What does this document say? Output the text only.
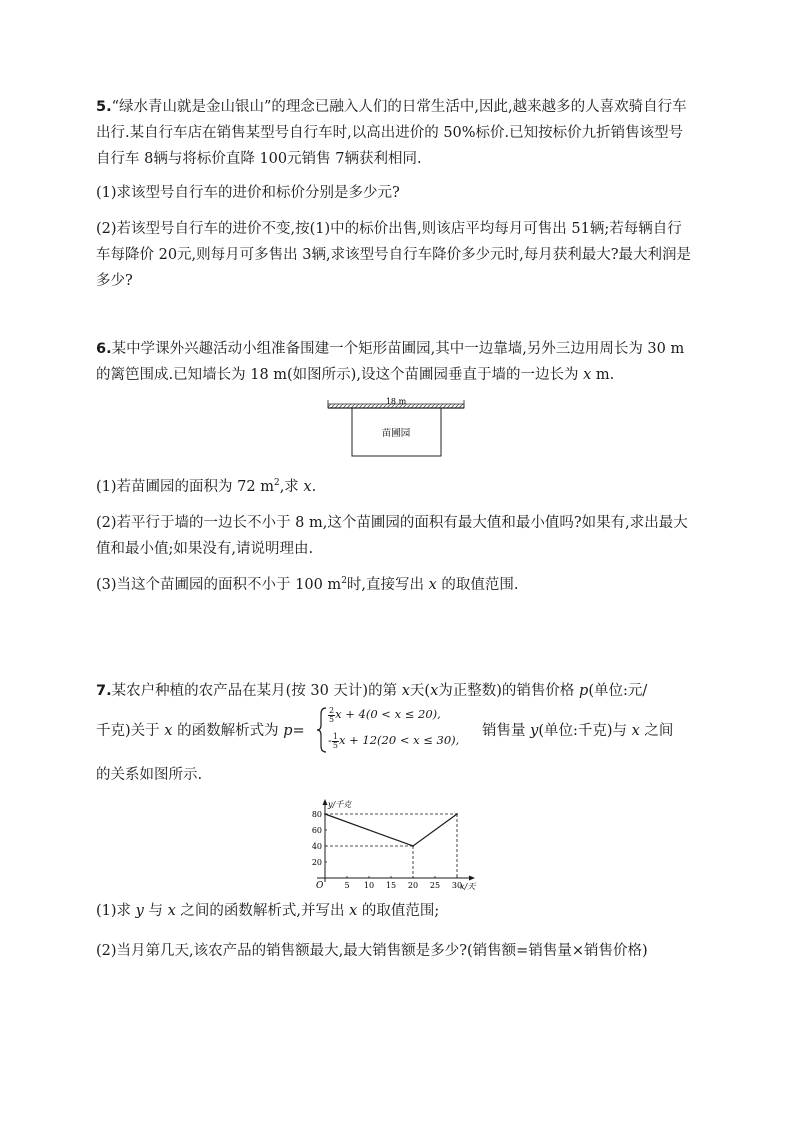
5.“绿水青山就是金山银山”的理念已融入人们的日常生活中,因此,越来越多的人喜欢骑自行车出行.某自行车店在销售某型号自行车时,以高出进价的 50%标价.已知按标价九折销售该型号自行车 8辆与将标价直降 100元销售 7辆获利相同.

(1)求该型号自行车的进价和标价分别是多少元?

(2)若该型号自行车的进价不变,按(1)中的标价出售,则该店平均每月可售出 51辆;若每辆自行车每降价 20元,则每月可多售出 3辆,求该型号自行车降价多少元时,每月获利最大?最大利润是多少?

6.某中学课外兴趣活动小组准备围建一个矩形苗圃园,其中一边靠墙,另外三边用周长为 30 m 的篱笆围成.已知墙长为 18 m(如图所示),设这个苗圃园垂直于墙的一边长为 x m.

18 m
苗圃园

(1)若苗圃园的面积为 72 $m^2$,求 x.

(2)若平行于墙的一边长不小于 8 m,这个苗圃园的面积有最大值和最小值吗?如果有,求出最大值和最小值;如果没有,请说明理由.

(3)当这个苗圃园的面积不小于 100 $m^2$时,直接写出 x 的取值范围.

7.某农户种植的农产品在某月(按 30 天计)的第 x天(x为正整数)的销售价格 p(单位:元/

千克)关于 x 的函数解析式为 p=

$\frac{2}{5}$ x + 4(0 < x ≤ 20),
- $\frac{1}{5}$ x + 12(20 < x ≤ 30),

销售量 y(单位:千克)与 x 之间

的关系如图所示.

y/千克
x/天
O	5 10 15 20 25 30
20
40
60
80

(1)求 y 与 x 之间的函数解析式,并写出 x 的取值范围;

(2)当月第几天,该农产品的销售额最大,最大销售额是多少?(销售额=销售量×销售价格)
